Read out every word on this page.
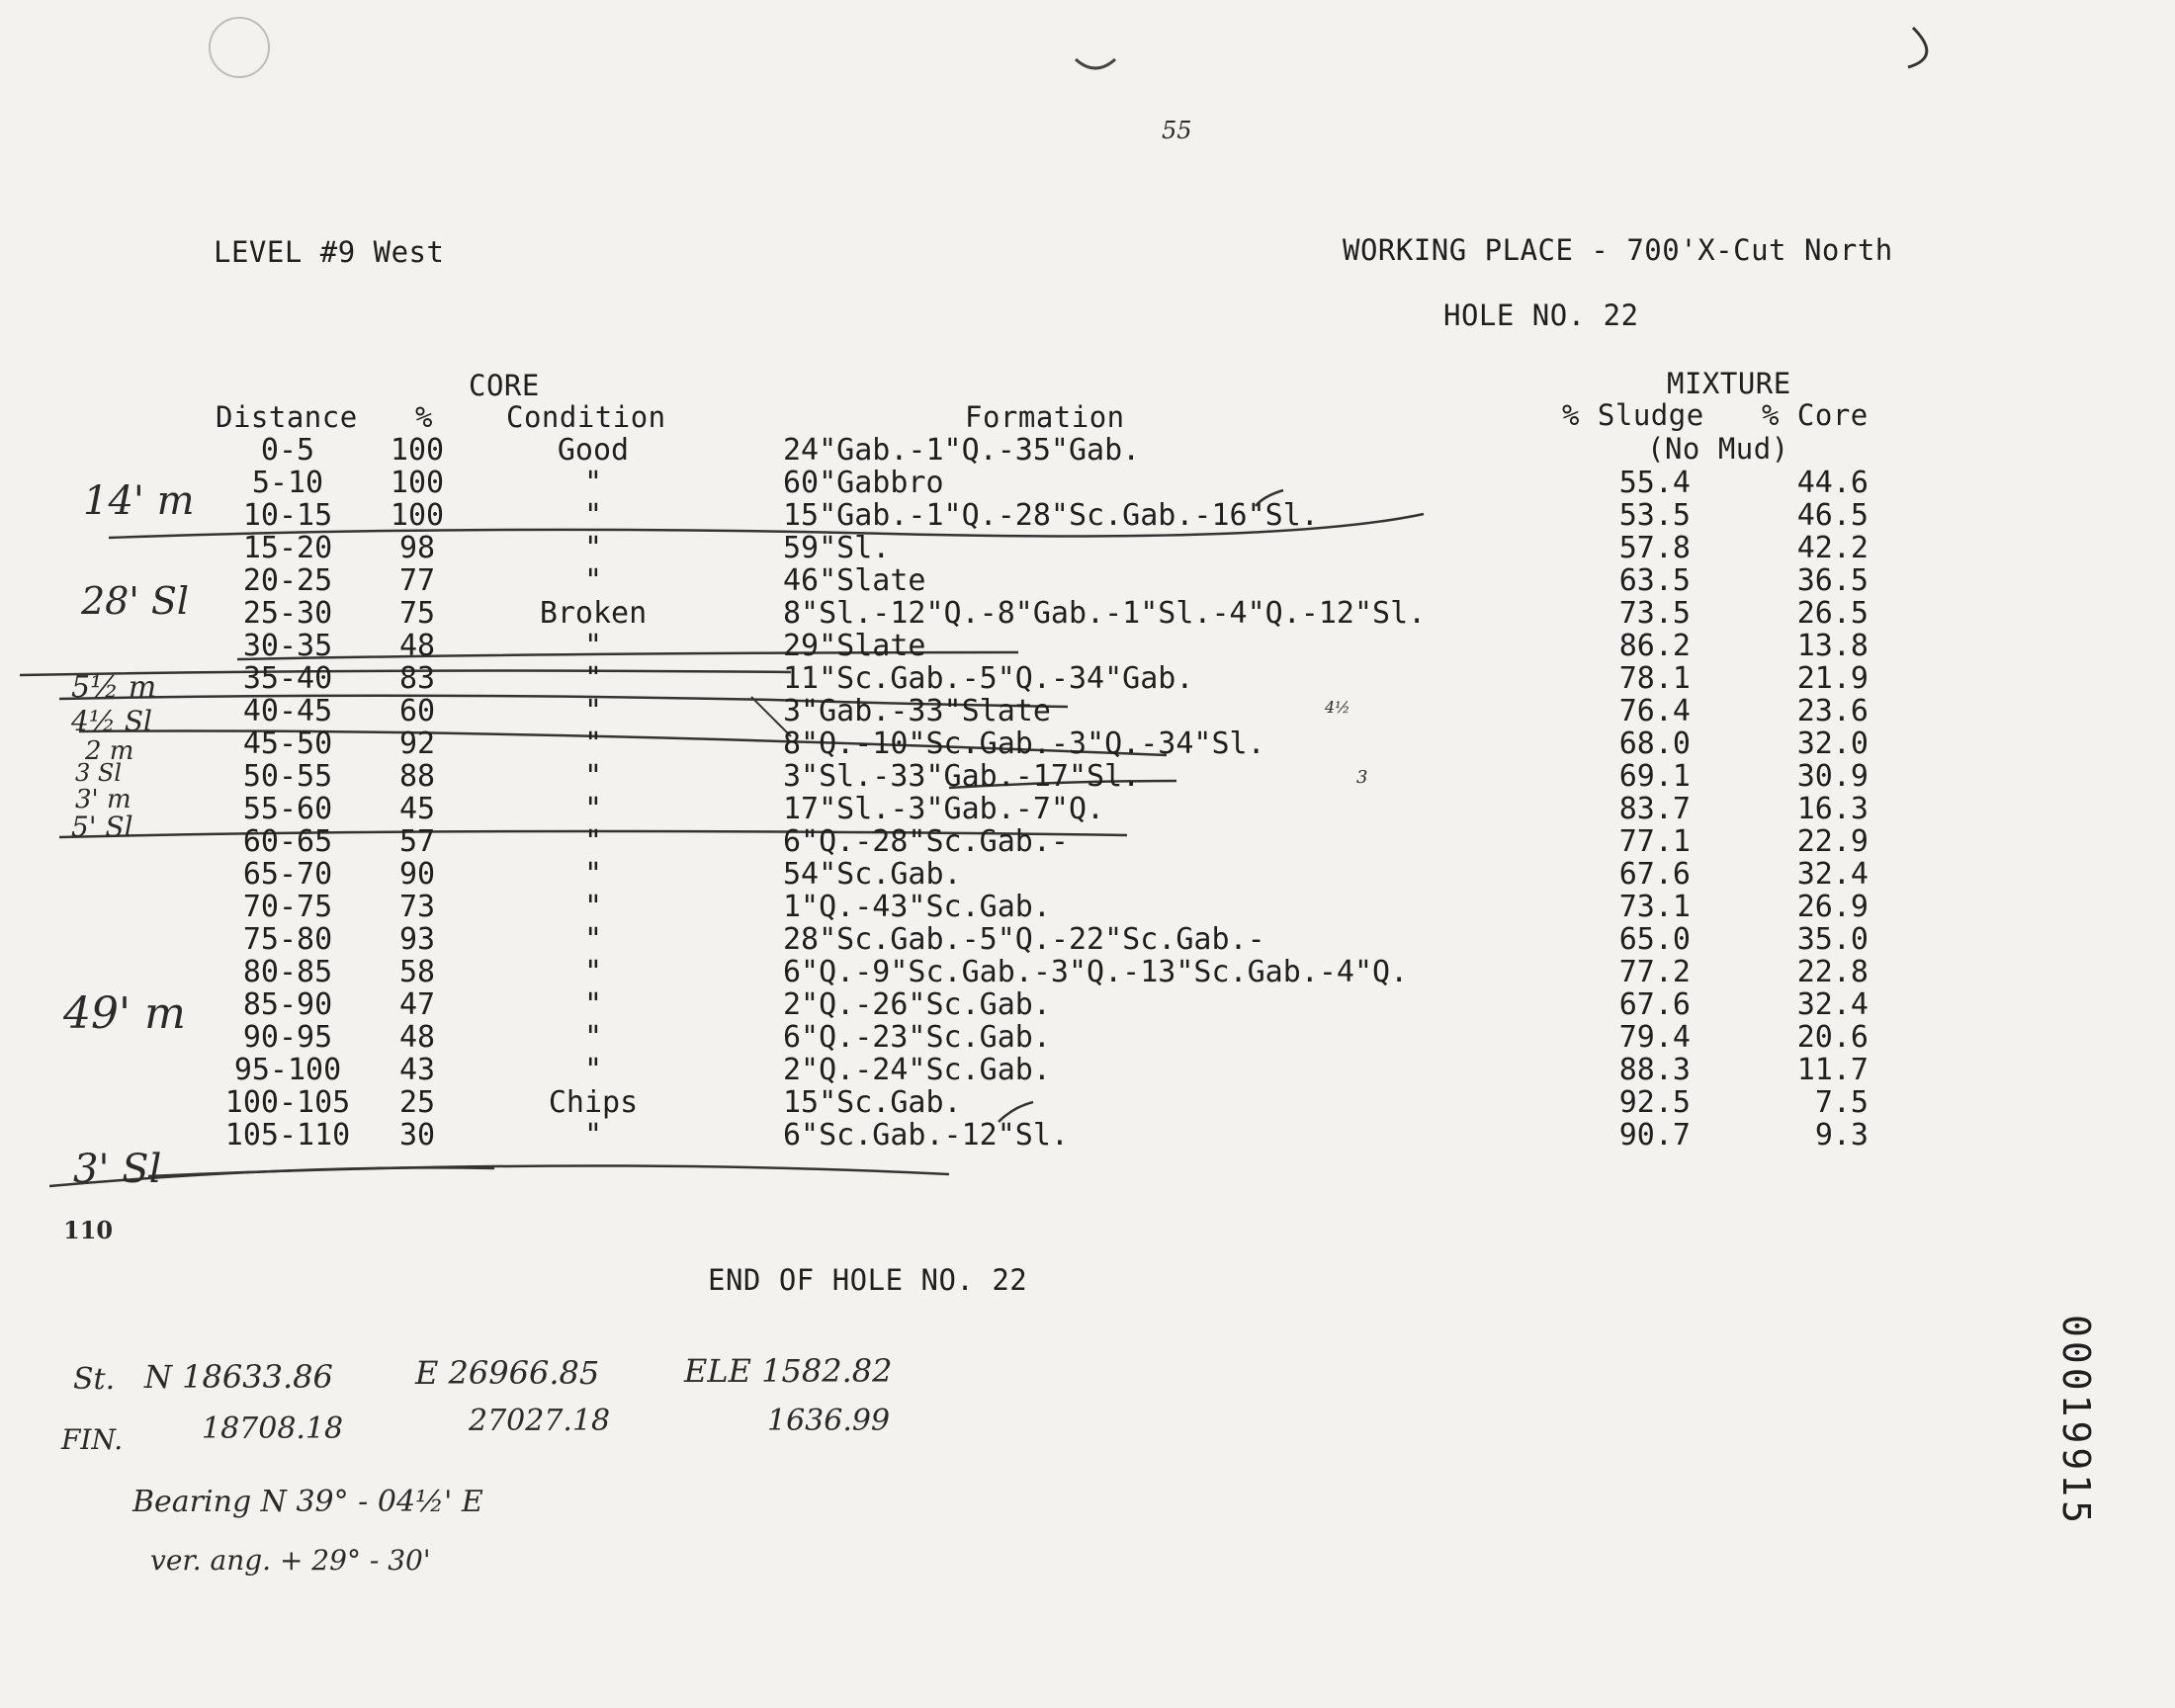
55
LEVEL #9 West	WORKING PLACE - 700'X-Cut North
HOLE NO. 22
CORE
Distance %	Condition	Formation
MIXTURE
% Sludge % Core
(No Mud)
0-5	100	Good	24"Gab.-1"Q.-35"Gab.
5-10	100	"	60"Gabbro	55.4	44.6
10-15	100	"	15"Gab.-1"Q.-28"Sc.Gab.-16"Sl.	53.5	46.5
15-20	98	"	59"Sl.	57.8	42.2
20-25	77	"	46"Slate	63.5	36.5
25-30	75	Broken	8"Sl.-12"Q.-8"Gab.-1"Sl.-4"Q.-12"Sl.	73.5	26.5
30-35	48	"	29"Slate	86.2	13.8
35-40	83	"	11"Sc.Gab.-5"Q.-34"Gab.	78.1	21.9
40-45	60	"	3"Gab.-33"Slate	76.4	23.6
45-50	92	"	8"Q.-10"Sc.Gab.-3"Q.-34"Sl.	68.0	32.0
50-55	88	"	3"Sl.-33"Gab.-17"Sl.	69.1	30.9
55-60	45	"	17"Sl.-3"Gab.-7"Q.	83.7	16.3
60-65	57	"	6"Q.-28"Sc.Gab.-	77.1	22.9
65-70	90	"	54"Sc.Gab.	67.6	32.4
70-75	73	"	1"Q.-43"Sc.Gab.	73.1	26.9
75-80	93	"	28"Sc.Gab.-5"Q.-22"Sc.Gab.-	65.0	35.0
80-85	58	"	6"Q.-9"Sc.Gab.-3"Q.-13"Sc.Gab.-4"Q.	77.2	22.8
85-90	47	"	2"Q.-26"Sc.Gab.	67.6	32.4
90-95	48	"	6"Q.-23"Sc.Gab.	79.4	20.6
95-100	43	"	2"Q.-24"Sc.Gab.	88.3	11.7
100-105	25	Chips	15"Sc.Gab.	92.5	7.5
105-110	30	"	6"Sc.Gab.-12"Sl.	90.7	9.3
14' m
28' Sl
5½ m
4½ Sl
2 m
3 Sl
3' m
5' Sl
49' m
3' Sl
110
4½
3
END OF HOLE NO. 22
St. N 18633.86	E 26966.85	ELE 1582.82
FIN.	18708.18	27027.18	1636.99
Bearing N 39° - 04½' E
ver. ang. + 29° - 30'
00019915
